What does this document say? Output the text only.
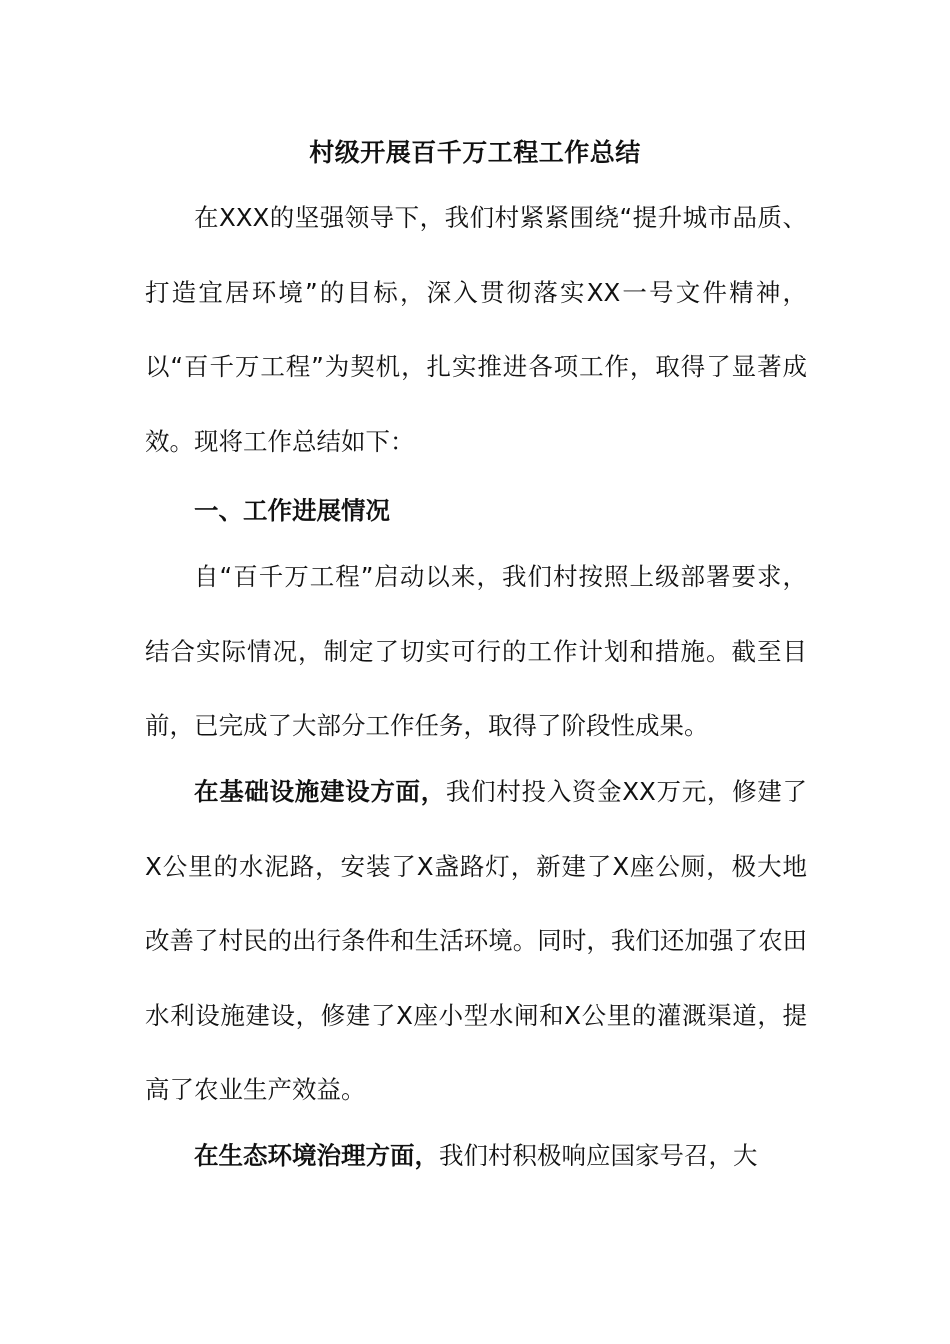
村级开展百千万工程工作总结

在XXX的坚强领导下，我们村紧紧围绕“提升城市品质、打造宜居环境”的目标，深入贯彻落实XX一号文件精神，以“百千万工程”为契机，扎实推进各项工作，取得了显著成效。现将工作总结如下：

一、工作进展情况

自“百千万工程”启动以来，我们村按照上级部署要求，结合实际情况，制定了切实可行的工作计划和措施。截至目前，已完成了大部分工作任务，取得了阶段性成果。

在基础设施建设方面，我们村投入资金XX万元，修建了X公里的水泥路，安装了X盏路灯，新建了X座公厕，极大地改善了村民的出行条件和生活环境。同时，我们还加强了农田水利设施建设，修建了X座小型水闸和X公里的灌溉渠道，提高了农业生产效益。

在生态环境治理方面，我们村积极响应国家号召，大
